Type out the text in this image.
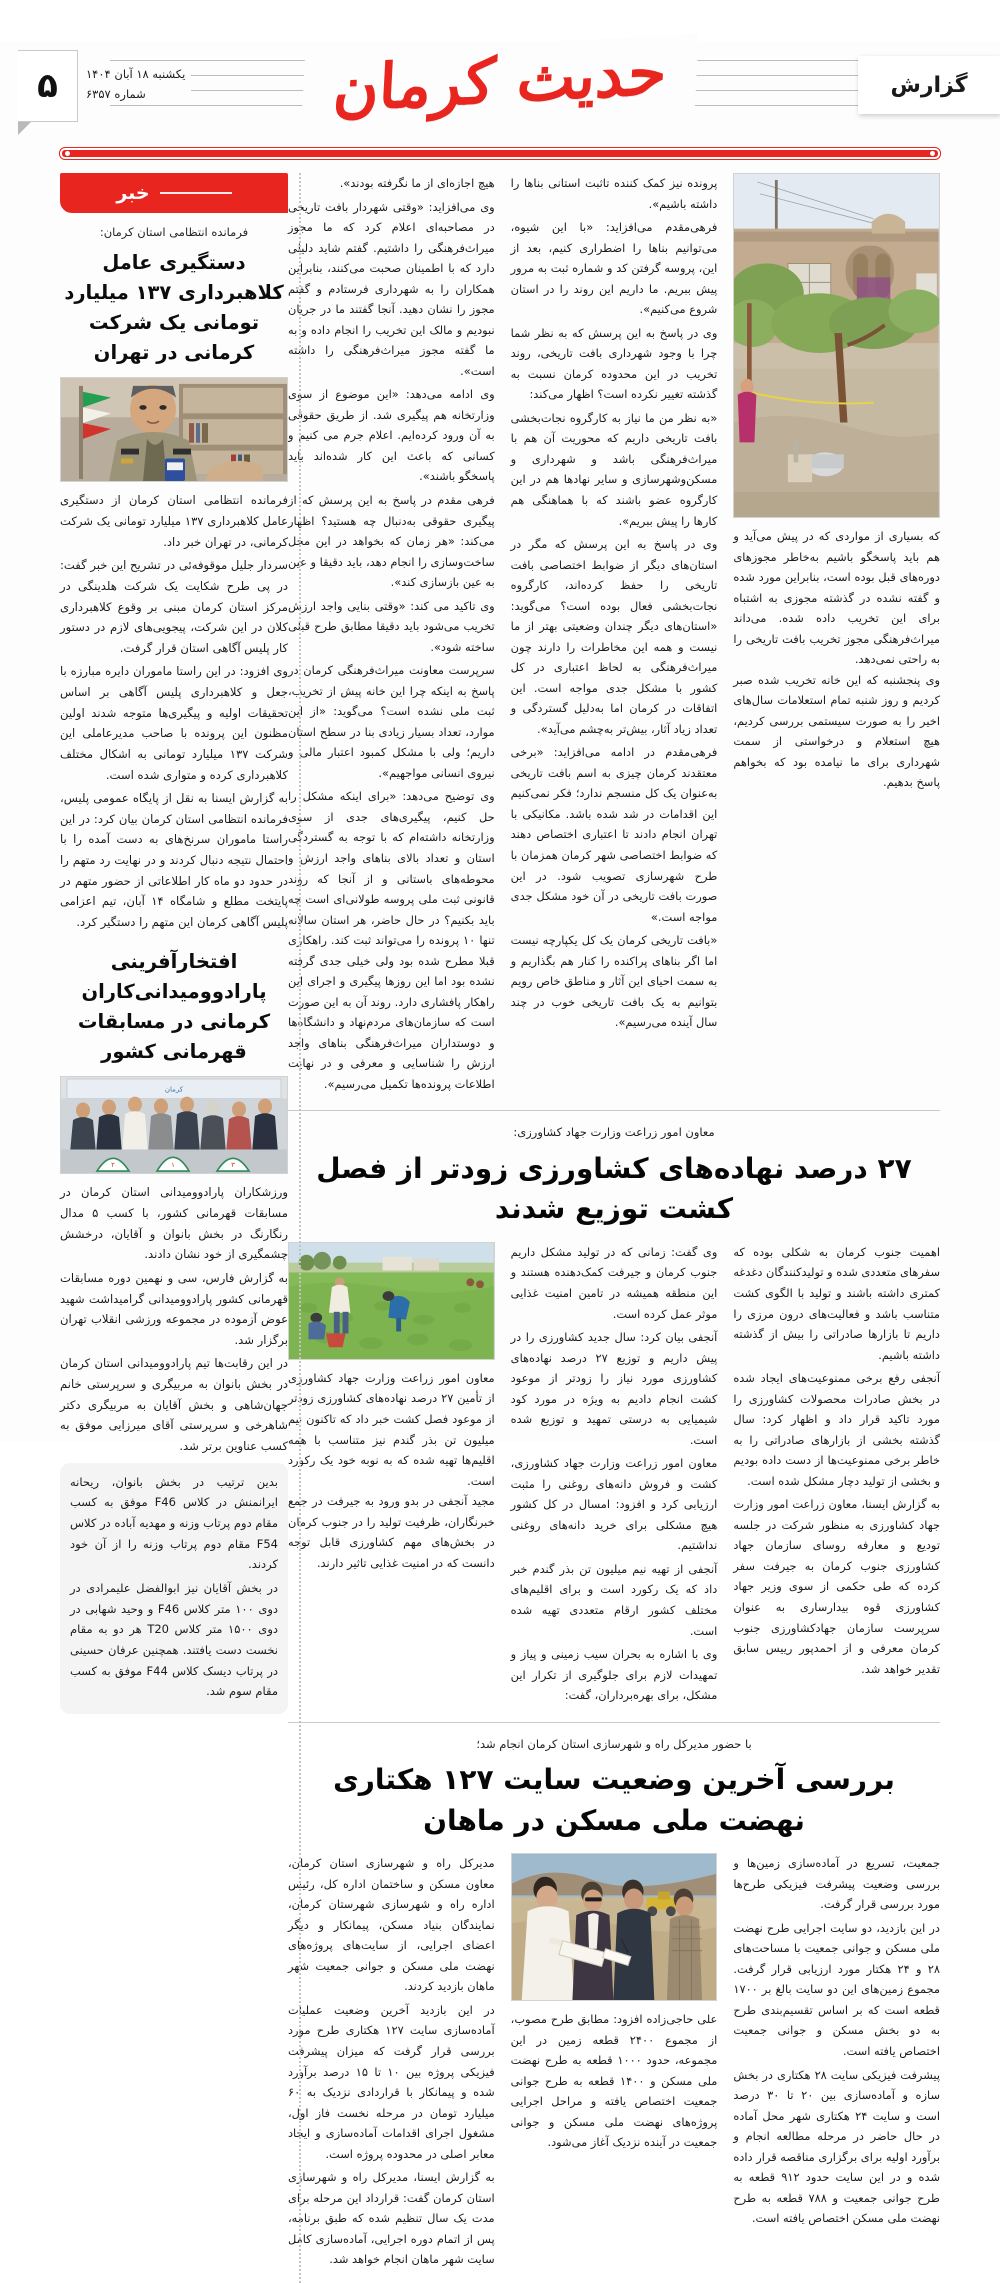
گزارش
حدیث کرمان
۵ یکشنبه ۱۸ آبان ۱۴۰۴
شماره ۶۳۵۷

که بسیاری از مواردی که در پیش می‌آید و هم باید پاسخگو باشیم به‌خاطر مجوزهای دوره‌های قبل بوده است، بنابراین مورد شده و گفته نشده در گذشته مجوزی به اشتباه برای این تخریب داده شده. می‌داند میراث‌فرهنگی مجوز تخریب بافت تاریخی را به راحتی نمی‌دهد.

وی پنجشنبه که این خانه تخریب شده صبر کردیم و روز شنبه تمام استعلامات سال‌های اخیر را به صورت سیستمی بررسی کردیم، هیچ استعلام و درخواستی از سمت شهرداری برای ما نیامده بود که بخواهم پاسخ بدهیم.

پرونده نیز کمک کننده تاثبت استانی بناها را داشته باشیم».

فرهی‌مقدم می‌افزاید: «با این شیوه، می‌توانیم بناها را اضطراری کنیم، بعد از این، پروسه گرفتن کد و شماره ثبت به مرور پیش ببریم. ما داریم این روند را در استان شروع می‌کنیم».

وی در پاسخ به این پرسش که به نظر شما چرا با وجود شهرداری بافت تاریخی، روند تخریب در این محدوده کرمان نسبت به گذشته تغییر نکرده است؟ اظهار می‌کند:

«به نظر من ما نیاز به کارگروه نجات‌بخشی بافت تاریخی داریم که محوریت آن هم با میراث‌فرهنگی باشد و شهرداری و مسکن‌وشهرسازی و سایر نهادها هم در این کارگروه عضو باشند که با هماهنگی هم کارها را پیش ببریم».

وی در پاسخ به این پرسش که مگر در استان‌های دیگر از ضوابط اختصاصی بافت تاریخی را حفظ کرده‌اند، کارگروه نجات‌بخشی فعال بوده است؟ می‌گوید: «استان‌های دیگر چندان وضعیتی بهتر از ما نیست و همه این مخاطرات را دارند چون میراث‌فرهنگی به لحاظ اعتباری در کل کشور با مشکل جدی مواجه است. این اتفاقات در کرمان اما به‌دلیل گستردگی و تعداد زیاد آثار، بیش‌تر به‌چشم می‌آید».

فرهی‌مقدم در ادامه می‌افزاید: «برخی معتقدند کرمان چیزی به اسم بافت تاریخی به‌عنوان یک کل منسجم ندارد؛ فکر نمی‌کنیم این اقدامات در شد شده باشد. مکانیکی با تهران انجام دادند تا اعتباری اختصاص دهند که ضوابط اختصاصی شهر کرمان همزمان با طرح شهرسازی تصویب شود. در این صورت بافت تاریخی در آن خود مشکل جدی مواجه است.»

«بافت تاریخی کرمان یک کل یکپارچه نیست اما اگر بناهای پراکنده را کنار هم بگذاریم و به سمت احیای این آثار و مناطق خاص رویم بتوانیم به یک بافت تاریخی خوب در چند سال آینده می‌رسیم».

هیچ اجازه‌ای از ما نگرفته بودند».

وی می‌افزاید: «وقتی شهردار بافت تاریخی در مصاحبه‌ای اعلام کرد که ما مجوز میراث‌فرهنگی را داشتیم. گفتم شاید دلیلی دارد که با اطمینان صحبت می‌کنند، بنابراین همکاران را به شهرداری فرستادم و گفتم مجوز را نشان دهید. آنجا گفتند ما در جریان نبودیم و مالک این تخریب را انجام داده و به ما گفته مجوز میراث‌فرهنگی را داشته است».

وی ادامه می‌دهد: «این موضوع از سوی وزارتخانه هم پیگیری شد. از طریق حقوقی به آن ورود کرده‌ایم. اعلام جرم می کنیم و کسانی که باعث این کار شده‌اند باید پاسخگو باشند».

فرهی مقدم در پاسخ به این پرسش که از پیگیری حقوقی به‌دنبال چه هستید؟ اظهار می‌کند: «هر زمان که بخواهد در این محل ساخت‌وسازی را انجام دهد، باید دقیقا و عین به عین بازسازی کند».

وی تاکید می کند: «وقتی بنایی واجد ارزش تخریب می‌شود باید دقیقا مطابق طرح قبلی ساخته شود».

سرپرست معاونت میراث‌فرهنگی کرمان در پاسخ به اینکه چرا این خانه پیش از تخریب، ثبت ملی نشده است؟ می‌گوید: «از این موارد، تعداد بسیار زیادی بنا در سطح استان داریم؛ ولی با مشکل کمبود اعتبار مالی و نیروی انسانی مواجهیم».

وی توضیح می‌دهد: «برای اینکه مشکل را حل کنیم، پیگیری‌های جدی از سوی وزارتخانه داشته‌ام که با توجه به گستردگی استان و تعداد بالای بناهای واجد ارزش و محوطه‌های باستانی و از آنجا که روند قانونی ثبت ملی پروسه طولانی‌ای است چه باید بکنیم؟ در حال حاضر، هر استان سالانه تنها ۱۰ پرونده را می‌تواند ثبت کند. راهکاری قبلا مطرح شده بود ولی خیلی جدی گرفته نشده بود اما این روزها پیگیری و اجرای این راهکار پافشاری دارد. روند آن به این صورت است که سازمان‌های مردم‌نهاد و دانشگاه‌ها و دوستداران میراث‌فرهنگی بناهای واجد ارزش را شناسایی و معرفی و در نهایت اطلاعات پرونده‌ها تکمیل می‌رسیم».

معاون امور زراعت وزارت جهاد کشاورزی:
۲۷ درصد نهاده‌های کشاورزی زودتر از فصل کشت توزیع شدند

اهمیت جنوب کرمان به شکلی بوده که سفرهای متعددی شده و تولیدکنندگان دغدغه کمتری داشته باشند و تولید با الگوی کشت متناسب باشد و فعالیت‌های درون مرزی را داریم تا بازارها صادراتی را بیش از گذشته داشته باشیم.

آنجفی رفع برخی ممنوعیت‌های ایجاد شده در بخش صادرات محصولات کشاورزی را مورد تاکید قرار داد و اظهار کرد: سال گذشته بخشی از بازارهای صادراتی را به خاطر برخی ممنوعیت‌ها از دست داده بودیم و بخشی از تولید دچار مشکل شده است.

به گزارش ایسنا، معاون زراعت امور وزارت جهاد کشاورزی به منظور شرکت در جلسه تودیع و معارفه روسای سازمان جهاد کشاورزی جنوب کرمان به جیرفت سفر کرده که طی حکمی از سوی وزیر جهاد کشاورزی قوه بیدارساری به عنوان سرپرست سازمان جهادکشاورزی جنوب کرمان معرفی و از احمدپور رییس سابق تقدیر خواهد شد.

وی گفت: زمانی که در تولید مشکل داریم جنوب کرمان و جیرفت کمک‌دهنده هستند و این منطقه همیشه در تامین امنیت غذایی موثر عمل کرده است.

آنجفی بیان کرد: سال جدید کشاورزی را در پیش داریم و توزیع ۲۷ درصد نهاده‌های کشاورزی مورد نیاز را زودتر از موعود کشت انجام دادیم به ویژه در مورد کود شیمیایی به درستی تمهید و توزیع شده است.

معاون امور زراعت وزارت جهاد کشاورزی، کشت و فروش دانه‌های روغنی را مثبت ارزیابی کرد و افزود: امسال در کل کشور هیچ مشکلی برای خرید دانه‌های روغنی نداشتیم.

آنجفی از تهیه نیم میلیون تن بذر گندم خبر داد که یک رکورد است و برای اقلیم‌های مختلف کشور ارقام متعددی تهیه شده است.

وی با اشاره به بحران سیب زمینی و پیاز و تمهیدات لازم برای جلوگیری از تکرار این مشکل، برای بهره‌برداران، گفت:

معاون امور زراعت وزارت جهاد کشاورزی از تأمین ۲۷ درصد نهاده‌های کشاورزی زودتر از موعود فصل کشت خبر داد که تاکنون نیم میلیون تن بذر گندم نیز متناسب با همه اقلیم‌ها تهیه شده که به نوبه خود یک رکورد است.

مجید آنجفی در بدو ورود به جیرفت در جمع خبرنگاران، ظرفیت تولید را در جنوب کرمان در بخش‌های مهم کشاورزی قابل توجه دانست که در امنیت غذایی تاثیر دارند.

با حضور مدیرکل راه و شهرسازی استان کرمان انجام شد؛
بررسی آخرین وضعیت سایت ۱۲۷ هکتاری نهضت ملی مسکن در ماهان

جمعیت، تسریع در آماده‌سازی زمین‌ها و بررسی وضعیت پیشرفت فیزیکی طرح‌ها مورد بررسی قرار گرفت.

در این بازدید، دو سایت اجرایی طرح نهضت ملی مسکن و جوانی جمعیت با مساحت‌های ۲۸ و ۲۴ هکتار مورد ارزیابی قرار گرفت. مجموع زمین‌های این دو سایت بالغ بر ۱۷۰۰ قطعه است که بر اساس تقسیم‌بندی طرح به دو بخش مسکن و جوانی جمعیت اختصاص یافته است.

پیشرفت فیزیکی سایت ۲۸ هکتاری در بخش سازه و آماده‌سازی بین ۲۰ تا ۳۰ درصد است و سایت ۲۴ هکتاری شهر محل آماده در حال حاضر در مرحله مطالعه انجام و برآورد اولیه برای برگزاری مناقصه قرار داده شده و در این سایت حدود ۹۱۲ قطعه به طرح جوانی جمعیت و ۷۸۸ قطعه به طرح نهضت ملی مسکن اختصاص یافته است.

علی حاجی‌زاده افزود: مطابق طرح مصوب، از مجموع ۲۴۰۰ قطعه زمین در این مجموعه، حدود ۱۰۰۰ قطعه به طرح نهضت ملی مسکن و ۱۴۰۰ قطعه به طرح جوانی جمعیت اختصاص یافته و مراحل اجرایی پروژه‌های نهضت ملی مسکن و جوانی جمعیت در آینده نزدیک آغاز می‌شود.

مدیرکل راه و شهرسازی استان کرمان، معاون مسکن و ساختمان اداره کل، رئیس اداره راه و شهرسازی شهرستان کرمان، نمایندگان بنیاد مسکن، پیمانکار و دیگر اعضای اجرایی، از سایت‌های پروژه‌های نهضت ملی مسکن و جوانی جمعیت شهر ماهان بازدید کردند.

در این بازدید آخرین وضعیت عملیات آماده‌سازی سایت ۱۲۷ هکتاری طرح مورد بررسی قرار گرفت که میزان پیشرفت فیزیکی پروژه بین ۱۰ تا ۱۵ درصد برآورد شده و پیمانکار با قراردادی نزدیک به ۶۰ میلیارد تومان در مرحله نخست فاز اول، مشغول اجرای اقدامات آماده‌سازی و ایجاد معابر اصلی در محدوده پروژه است.

به گزارش ایسنا، مدیرکل راه و شهرسازی استان کرمان گفت: قرارداد این مرحله برای مدت یک سال تنظیم شده که طبق برنامه، پس از اتمام دوره اجرایی، آماده‌سازی کامل سایت شهر ماهان انجام خواهد شد.

خبر
فرمانده انتظامی استان کرمان:
دستگیری عامل کلاهبرداری ۱۳۷ میلیارد تومانی یک شرکت کرمانی در تهران

فرمانده انتظامی استان کرمان از دستگیری عامل کلاهبرداری ۱۳۷ میلیارد تومانی یک شرکت کرمانی، در تهران خبر داد.

سردار جلیل موقوفه‌ئی در تشریح این خبر گفت: در پی طرح شکایت یک شرکت هلدینگی در مرکز استان کرمان مبنی بر وقوع کلاهبرداری کلان در این شرکت، پیجویی‌های لازم در دستور کار پلیس آگاهی استان قرار گرفت.

وی افزود: در این راستا ماموران دایره مبارزه با جعل و کلاهبرداری پلیس آگاهی بر اساس تحقیقات اولیه و پیگیری‌ها متوجه شدند اولین مظنون این پرونده با صاحب مدیرعاملی این شرکت ۱۳۷ میلیارد تومانی به اشکال مختلف کلاهبرداری کرده و متواری شده است.

به گزارش ایسنا به نقل از پایگاه عمومی پلیس، فرمانده انتظامی استان کرمان بیان کرد: در این راستا ماموران سرنخ‌های به دست آمده را با احتمال نتیجه دنبال کردند و در نهایت رد متهم را در حدود دو ماه کار اطلاعاتی از حضور متهم در پایتخت مطلع و شامگاه ۱۴ آبان، تیم اعزامی پلیس آگاهی کرمان این متهم را دستگیر کرد.

افتخارآفرینی پارادوومیدانی‌کاران کرمانی در مسابقات قهرمانی کشور
کرمان
۲	۱	۳

ورزشکاران پارادوومیدانی استان کرمان در مسابقات قهرمانی کشور، با کسب ۵ مدال رنگارنگ در بخش بانوان و آقایان، درخشش چشمگیری از خود نشان دادند.

به گزارش فارس، سی و نهمین دوره مسابقات قهرمانی کشور پارادوومیدانی گرامیداشت شهید عوض آزموده در مجموعه ورزشی انقلاب تهران برگزار شد.

در این رقابت‌ها تیم پارادوومیدانی استان کرمان در بخش بانوان به مربیگری و سرپرستی خانم جهان‌شاهی و بخش آقایان به مربیگری دکتر شاهرخی و سرپرستی آقای میرزایی موفق به کسب عناوین برتر شد.

بدین ترتیب در بخش بانوان، ریحانه ایرانمنش در کلاس F46 موفق به کسب مقام دوم پرتاب وزنه و مهدیه آباده در کلاس F54 مقام دوم پرتاب وزنه را از آن خود کردند.

در بخش آقایان نیز ابوالفضل علیمرادی در دوی ۱۰۰ متر کلاس F46 و وحید شهابی در دوی ۱۵۰۰ متر کلاس T20 هر دو به مقام نخست دست یافتند. همچنین عرفان حسینی در پرتاب دیسک کلاس F44 موفق به کسب مقام سوم شد.
